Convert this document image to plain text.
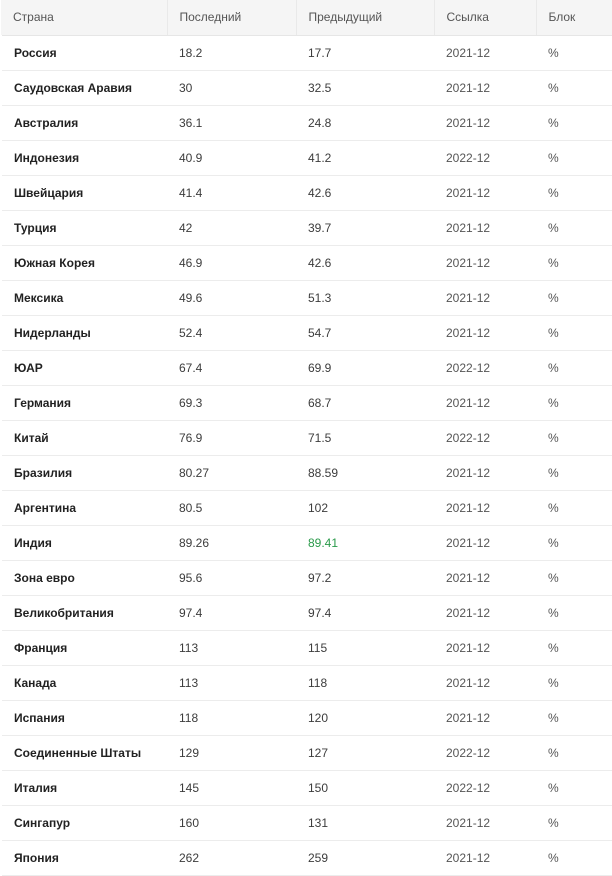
Страна	Последний	Предыдущий	Ссылка	Блок
Россия	18.2	17.7	2021-12	%
Саудовская Аравия	30	32.5	2021-12	%
Австралия	36.1	24.8	2021-12	%
Индонезия	40.9	41.2	2022-12	%
Швейцария	41.4	42.6	2021-12	%
Турция	42	39.7	2021-12	%
Южная Корея	46.9	42.6	2021-12	%
Мексика	49.6	51.3	2021-12	%
Нидерланды	52.4	54.7	2021-12	%
ЮАР	67.4	69.9	2022-12	%
Германия	69.3	68.7	2021-12	%
Китай	76.9	71.5	2022-12	%
Бразилия	80.27	88.59	2021-12	%
Аргентина	80.5	102	2021-12	%
Индия	89.26	89.41	2021-12	%
Зона евро	95.6	97.2	2021-12	%
Великобритания	97.4	97.4	2021-12	%
Франция	113	115	2021-12	%
Канада	113	118	2021-12	%
Испания	118	120	2021-12	%
Соединенные Штаты	129	127	2022-12	%
Италия	145	150	2022-12	%
Сингапур	160	131	2021-12	%
Япония	262	259	2021-12	%
